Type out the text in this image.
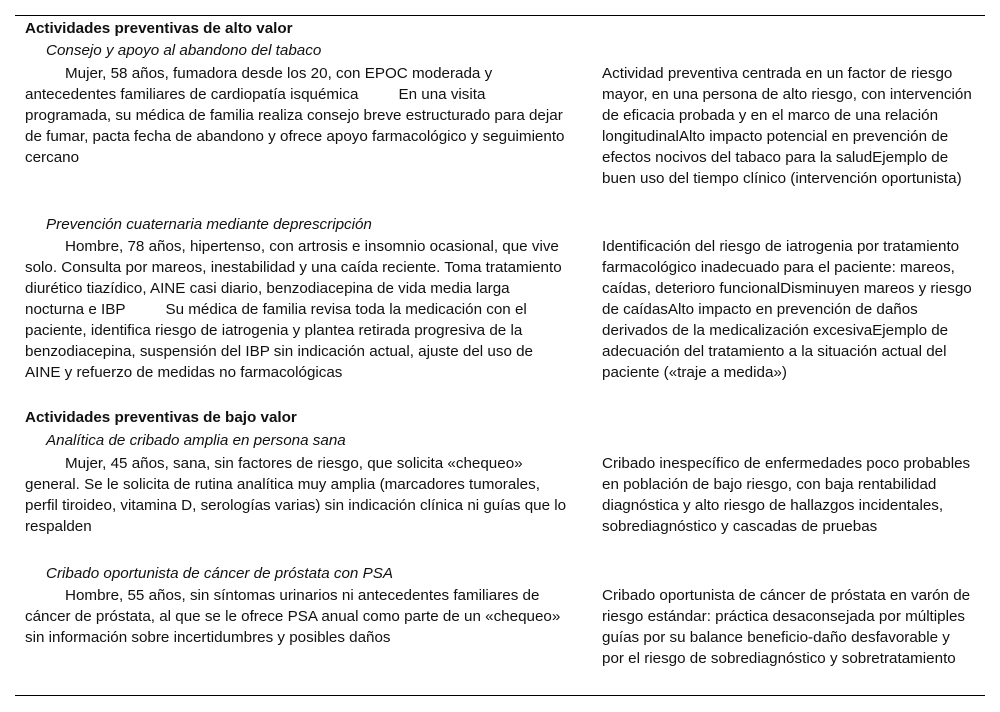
Actividades preventivas de alto valor
Consejo y apoyo al abandono del tabaco

Mujer, 58 años, fumadora desde los 20, con EPOC moderada y antecedentes familiares de cardiopatía isquémica	En una visita programada, su médica de familia realiza consejo breve estructurado para dejar de fumar, pacta fecha de abandono y ofrece apoyo farmacológico y seguimiento cercano

Actividad preventiva centrada en un factor de riesgo mayor, en una persona de alto riesgo, con intervención de eficacia probada y en el marco de una relación longitudinalAlto impacto potencial en prevención de efectos nocivos del tabaco para la saludEjemplo de buen uso del tiempo clínico (intervención oportunista)

Prevención cuaternaria mediante deprescripción

Hombre, 78 años, hipertenso, con artrosis e insomnio ocasional, que vive solo. Consulta por mareos, inestabilidad y una caída reciente. Toma tratamiento diurético tiazídico, AINE casi diario, benzodiacepina de vida media larga nocturna e IBP	Su médica de familia revisa toda la medicación con el paciente, identifica riesgo de iatrogenia y plantea retirada progresiva de la benzodiacepina, suspensión del IBP sin indicación actual, ajuste del uso de AINE y refuerzo de medidas no farmacológicas

Identificación del riesgo de iatrogenia por tratamiento farmacológico inadecuado para el paciente: mareos, caídas, deterioro funcionalDisminuyen mareos y riesgo de caídasAlto impacto en prevención de daños derivados de la medicalización excesivaEjemplo de adecuación del tratamiento a la situación actual del paciente («traje a medida»)

Actividades preventivas de bajo valor
Analítica de cribado amplia en persona sana

Mujer, 45 años, sana, sin factores de riesgo, que solicita «chequeo» general. Se le solicita de rutina analítica muy amplia (marcadores tumorales, perfil tiroideo, vitamina D, serologías varias) sin indicación clínica ni guías que lo respalden

Cribado inespecífico de enfermedades poco probables en población de bajo riesgo, con baja rentabilidad diagnóstica y alto riesgo de hallazgos incidentales, sobrediagnóstico y cascadas de pruebas

Cribado oportunista de cáncer de próstata con PSA

Hombre, 55 años, sin síntomas urinarios ni antecedentes familiares de cáncer de próstata, al que se le ofrece PSA anual como parte de un «chequeo» sin información sobre incertidumbres y posibles daños

Cribado oportunista de cáncer de próstata en varón de riesgo estándar: práctica desaconsejada por múltiples guías por su balance beneficio-daño desfavorable y por el riesgo de sobrediagnóstico y sobretratamiento
